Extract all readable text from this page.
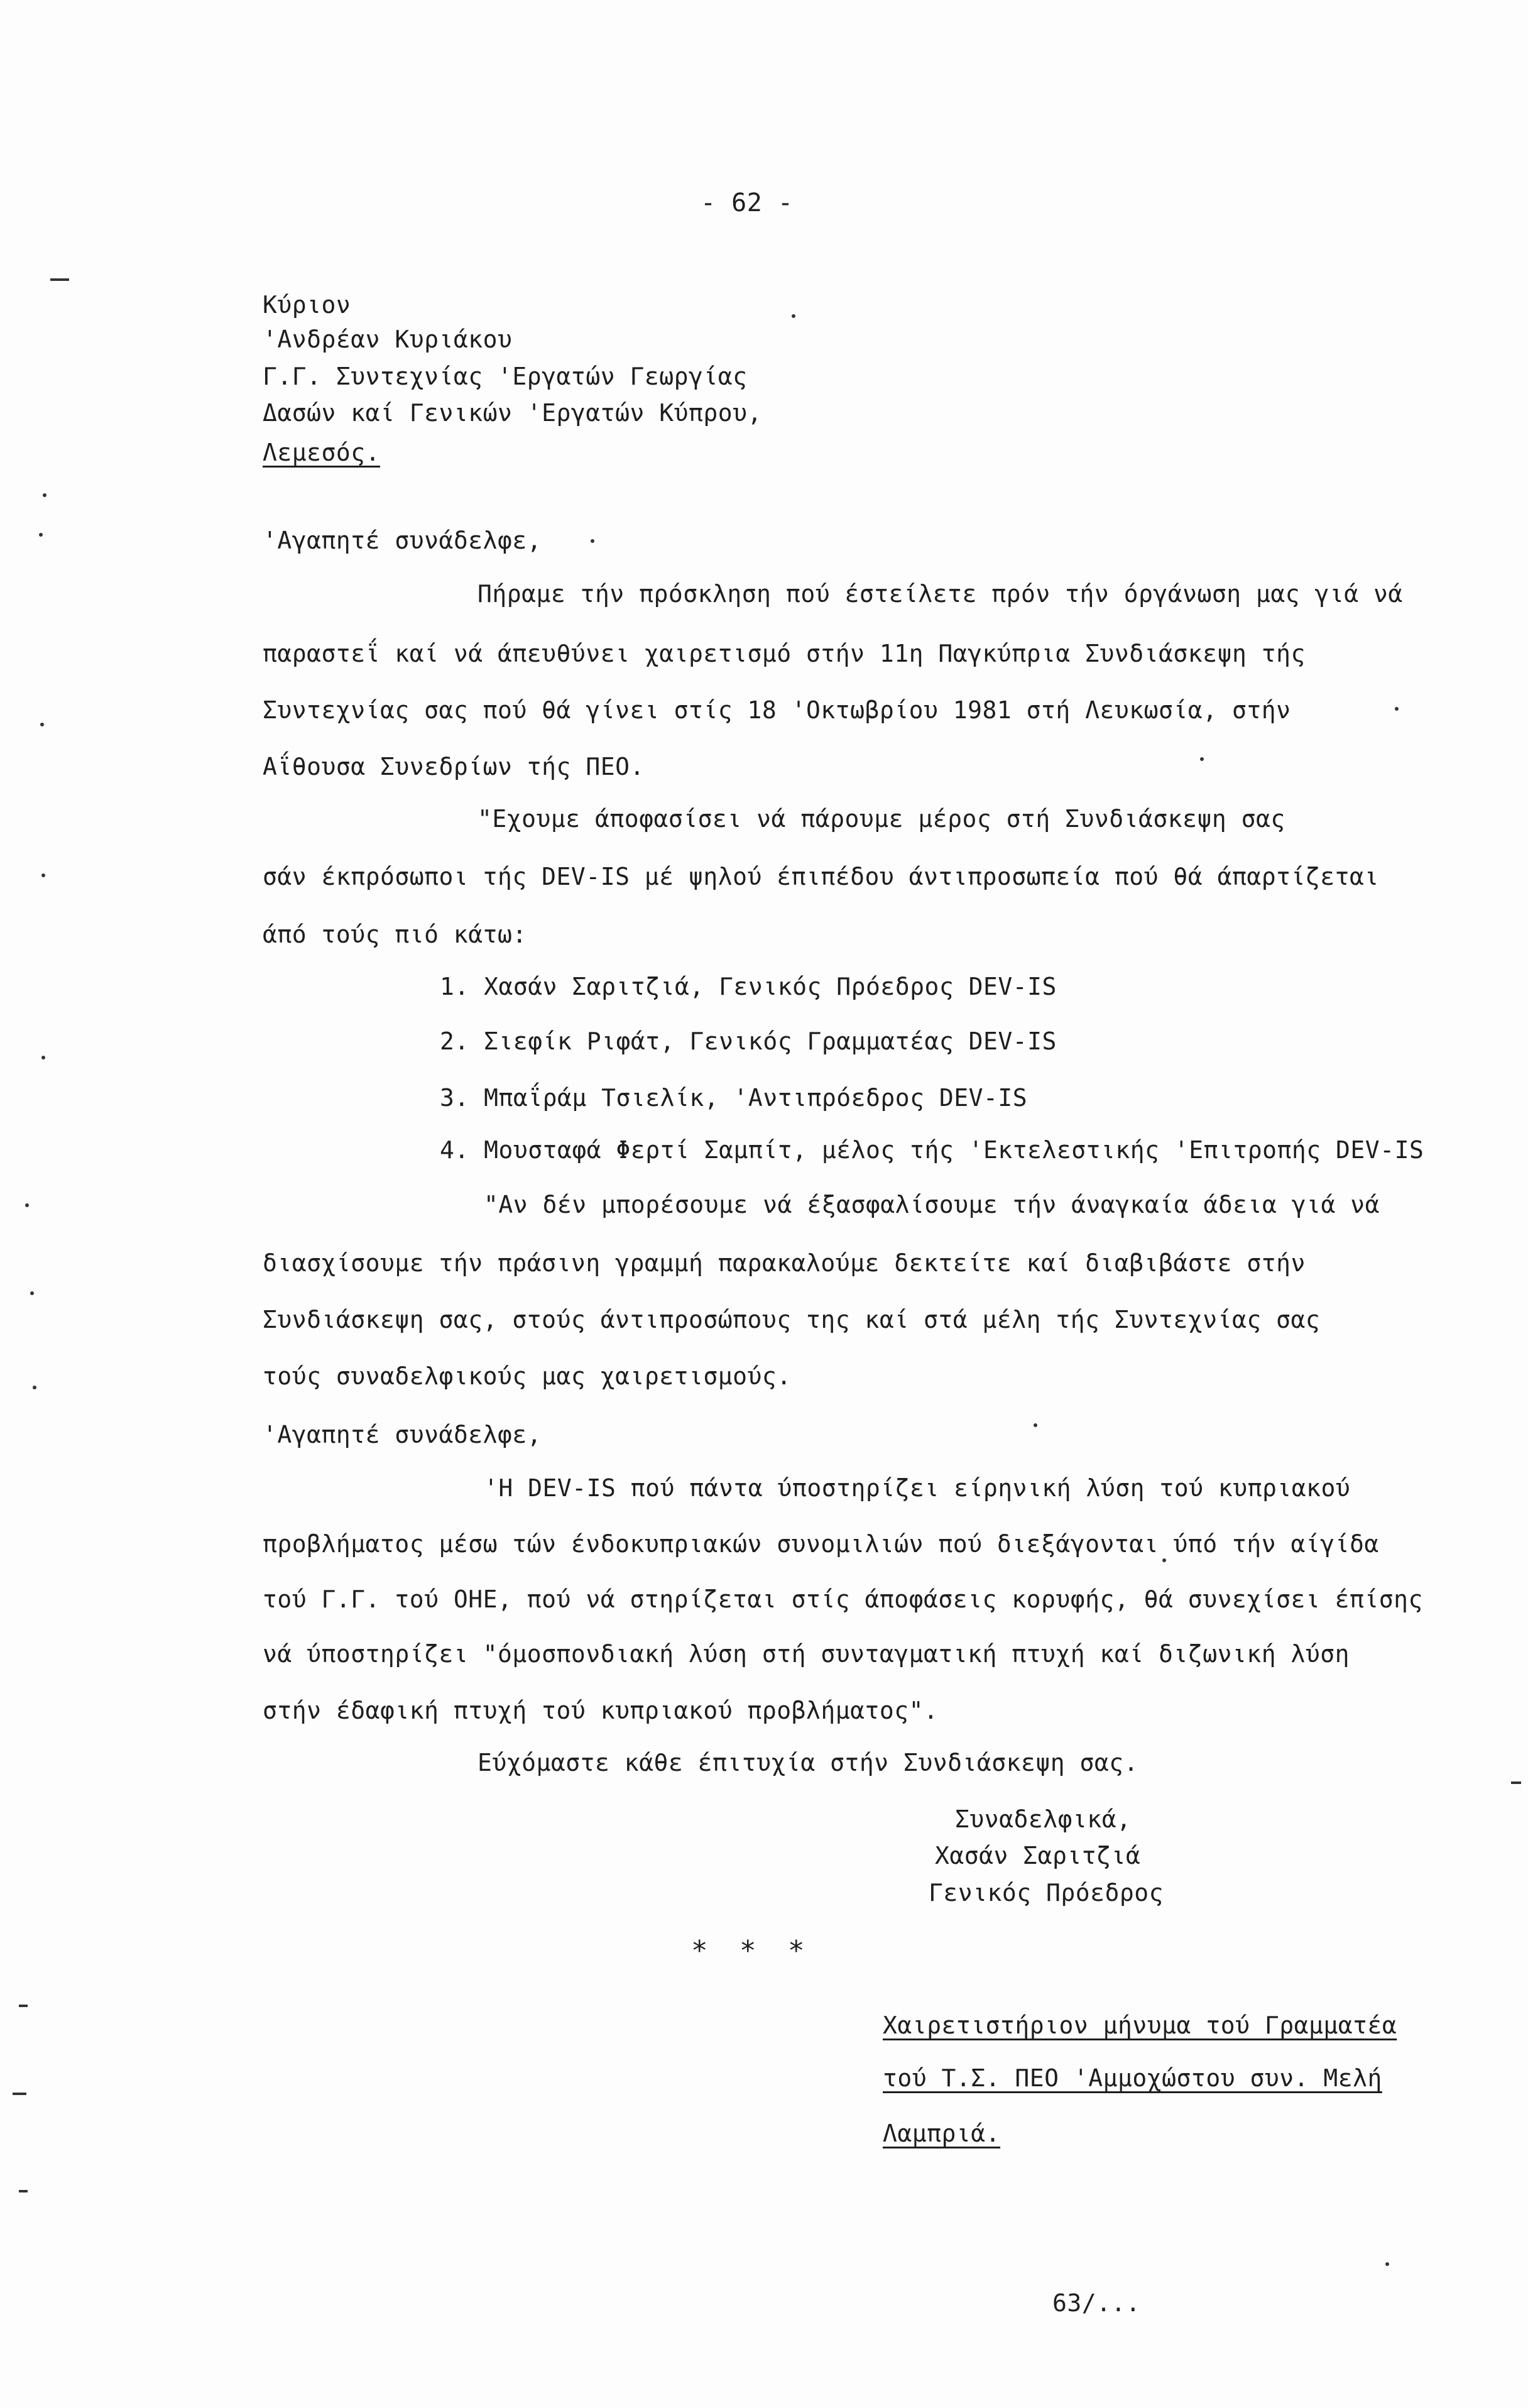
- 62 -
Κύριον
'Ανδρέαν Κυριάκου
Γ.Γ. Συντεχνίας 'Εργατών Γεωργίας
Δασών καί Γενικών 'Εργατών Κύπρου,
Λεμεσός.
'Αγαπητέ συνάδελφε,
Πήραμε τήν πρόσκληση πού έστείλετε πρόν τήν όργάνωση μας γιά νά
παραστεΐ καί νά άπευθύνει χαιρετισμό στήν 11η Παγκύπρια Συνδιάσκεψη τής
Συντεχνίας σας πού θά γίνει στίς 18 'Οκτωβρίου 1981 στή Λευκωσία, στήν
Αΐθουσα Συνεδρίων τής ΠΕΟ.
"Εχουμε άποφασίσει νά πάρουμε μέρος στή Συνδιάσκεψη σας
σάν έκπρόσωποι τής DEV-IS μέ ψηλού έπιπέδου άντιπροσωπεία πού θά άπαρτίζεται
άπό τούς πιό κάτω:
1. Χασάν Σαριτζιά, Γενικός Πρόεδρος DEV-IS
2. Σιεφίκ Ριφάτ, Γενικός Γραμματέας DEV-IS
3. Μπαΐράμ Τσιελίκ, 'Αντιπρόεδρος DEV-IS
4. Μουσταφά Φερτί Σαμπίτ, μέλος τής 'Εκτελεστικής 'Επιτροπής DEV-IS
"Αν δέν μπορέσουμε νά έξασφαλίσουμε τήν άναγκαία άδεια γιά νά
διασχίσουμε τήν πράσινη γραμμή παρακαλούμε δεκτείτε καί διαβιβάστε στήν
Συνδιάσκεψη σας, στούς άντιπροσώπους της καί στά μέλη τής Συντεχνίας σας
τούς συναδελφικούς μας χαιρετισμούς.
'Αγαπητέ συνάδελφε,
'Η DEV-IS πού πάντα ύποστηρίζει είρηνική λύση τού κυπριακού
προβλήματος μέσω τών ένδοκυπριακών συνομιλιών πού διεξάγονται ύπό τήν αίγίδα
τού Γ.Γ. τού ΟΗΕ, πού νά στηρίζεται στίς άποφάσεις κορυφής, θά συνεχίσει έπίσης
νά ύποστηρίζει "όμοσπονδιακή λύση στή συνταγματική πτυχή καί διζωνική λύση
στήν έδαφική πτυχή τού κυπριακού προβλήματος".
Εύχόμαστε κάθε έπιτυχία στήν Συνδιάσκεψη σας.
Συναδελφικά,
Χασάν Σαριτζιά
Γενικός Πρόεδρος
* * *
Χαιρετιστήριον μήνυμα τού Γραμματέα
τού Τ.Σ. ΠΕΟ 'Αμμοχώστου συν. Μελή
Λαμπριά.
63/...
